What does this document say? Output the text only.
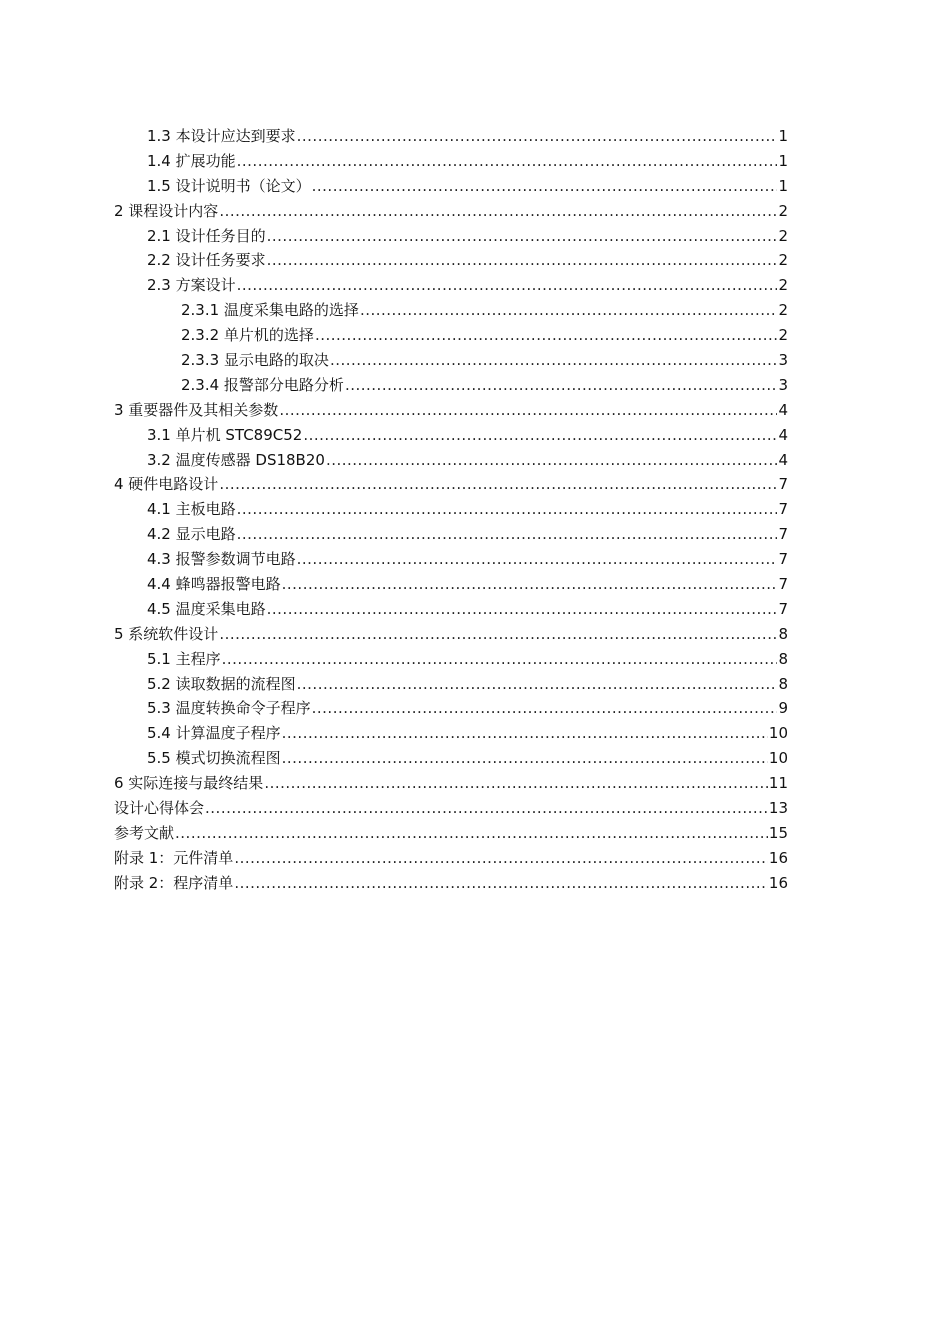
1.3 本设计应达到要求 .....	1
1.4 扩展功能 .....	1
1.5 设计说明书（论文） .....	1
2 课程设计内容 .....	2
2.1 设计任务目的 .....	2
2.2 设计任务要求 .....	2
2.3 方案设计 .....	2
2.3.1 温度采集电路的选择 .....	2
2.3.2 单片机的选择 .....	2
2.3.3 显示电路的取决 .....	3
2.3.4 报警部分电路分析 .....	3
3 重要器件及其相关参数 .....	4
3.1 单片机 STC89C52 .....	4
3.2 温度传感器 DS18B20 .....	4
4 硬件电路设计 .....	7
4.1 主板电路 .....	7
4.2 显示电路 .....	7
4.3 报警参数调节电路 .....	7
4.4 蜂鸣器报警电路 .....	7
4.5 温度采集电路 .....	7
5 系统软件设计 .....	8
5.1 主程序 .....	8
5.2 读取数据的流程图 .....	8
5.3 温度转换命令子程序 .....	9
5.4 计算温度子程序 .....	10
5.5 模式切换流程图 .....	10
6 实际连接与最终结果 .....	11
设计心得体会 .....	13
参考文献 .....	15
附录 1：元件清单 .....	16
附录 2：程序清单 .....	16
